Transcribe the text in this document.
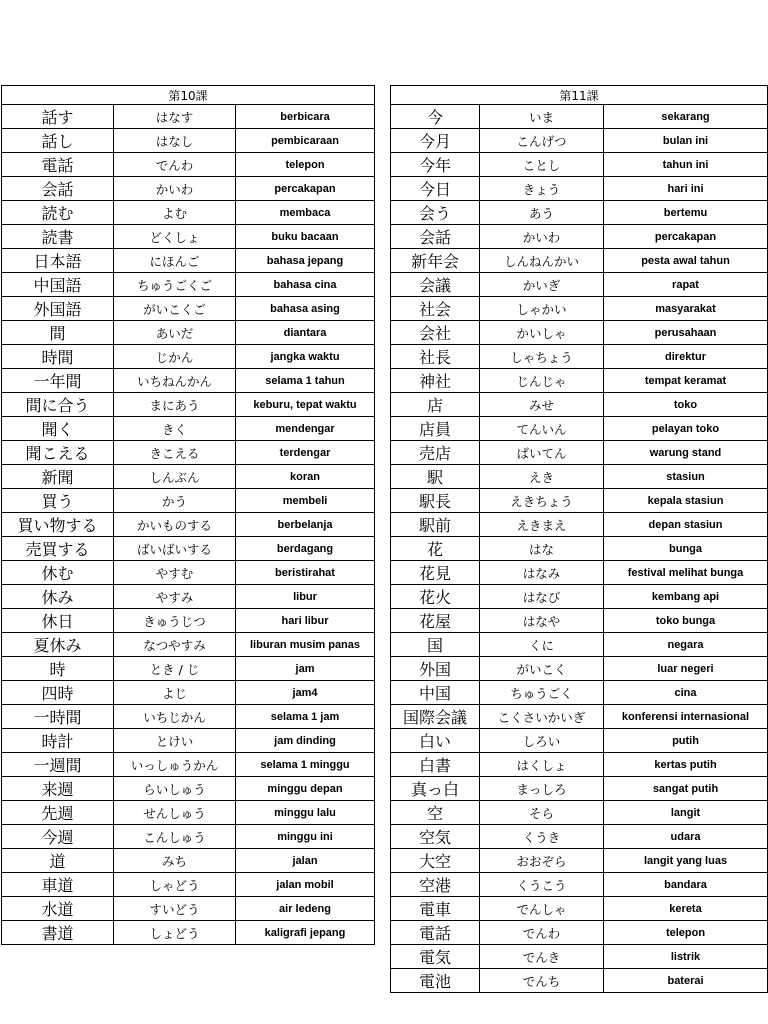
第10課		
話す	はなす	berbicara
話し	はなし	pembicaraan
電話	でんわ	telepon
会話	かいわ	percakapan
読む	よむ	membaca
読書	どくしょ	buku bacaan
日本語	にほんご	bahasa jepang
中国語	ちゅうごくご	bahasa cina
外国語	がいこくご	bahasa asing
間	あいだ	diantara
時間	じかん	jangka waktu
一年間	いちねんかん	selama 1 tahun
間に合う	まにあう	keburu, tepat waktu
聞く	きく	mendengar
聞こえる	きこえる	terdengar
新聞	しんぶん	koran
買う	かう	membeli
買い物する	かいものする	berbelanja
売買する	ばいばいする	berdagang
休む	やすむ	beristirahat
休み	やすみ	libur
休日	きゅうじつ	hari libur
夏休み	なつやすみ	liburan musim panas
時	とき / じ	jam
四時	よじ	jam4
一時間	いちじかん	selama 1 jam
時計	とけい	jam dinding
一週間	いっしゅうかん	selama 1 minggu
来週	らいしゅう	minggu depan
先週	せんしゅう	minggu lalu
今週	こんしゅう	minggu ini
道	みち	jalan
車道	しゃどう	jalan mobil
水道	すいどう	air ledeng
書道	しょどう	kaligrafi jepang
第11課		
今	いま	sekarang
今月	こんげつ	bulan ini
今年	ことし	tahun ini
今日	きょう	hari ini
会う	あう	bertemu
会話	かいわ	percakapan
新年会	しんねんかい	pesta awal tahun
会議	かいぎ	rapat
社会	しゃかい	masyarakat
会社	かいしゃ	perusahaan
社長	しゃちょう	direktur
神社	じんじゃ	tempat keramat
店	みせ	toko
店員	てんいん	pelayan toko
売店	ばいてん	warung stand
駅	えき	stasiun
駅長	えきちょう	kepala stasiun
駅前	えきまえ	depan stasiun
花	はな	bunga
花見	はなみ	festival melihat bunga
花火	はなび	kembang api
花屋	はなや	toko bunga
国	くに	negara
外国	がいこく	luar negeri
中国	ちゅうごく	cina
国際会議	こくさいかいぎ	konferensi internasional
白い	しろい	putih
白書	はくしょ	kertas putih
真っ白	まっしろ	sangat putih
空	そら	langit
空気	くうき	udara
大空	おおぞら	langit yang luas
空港	くうこう	bandara
電車	でんしゃ	kereta
電話	でんわ	telepon
電気	でんき	listrik
電池	でんち	baterai
